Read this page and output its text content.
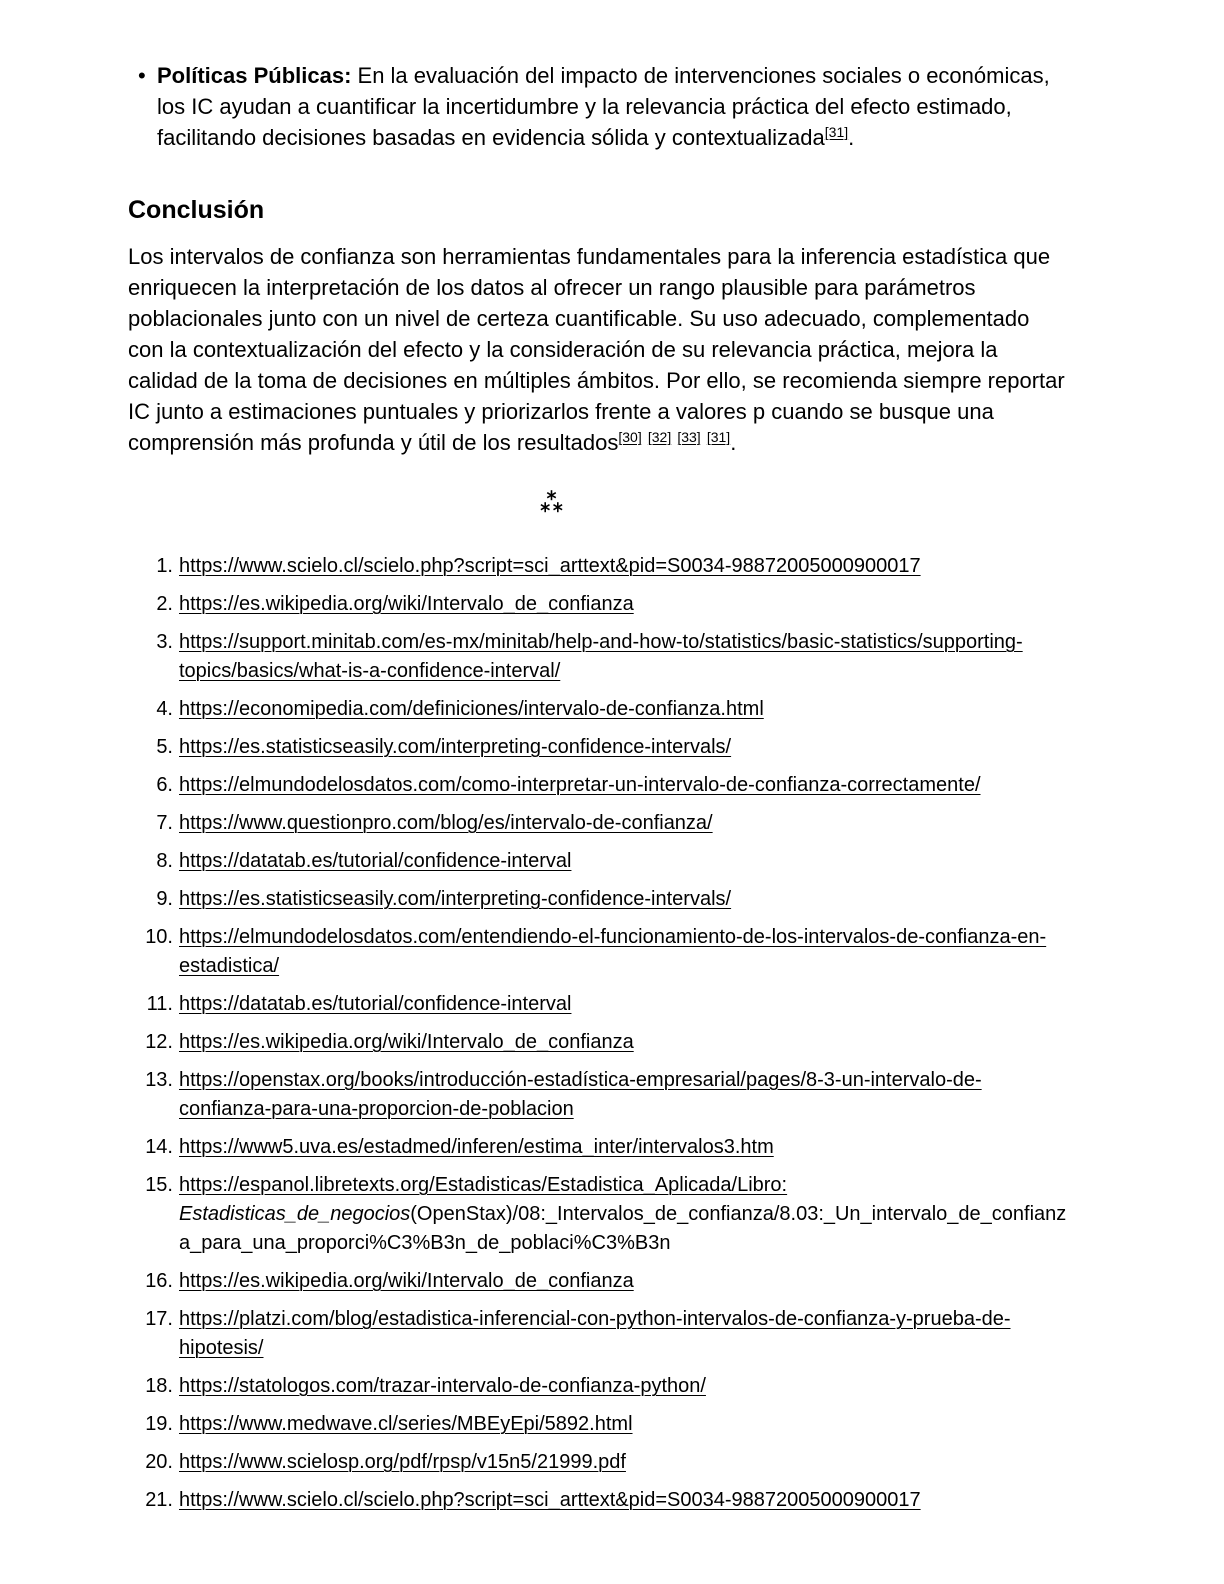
• Políticas Públicas: En la evaluación del impacto de intervenciones sociales o económicas, los IC ayudan a cuantificar la incertidumbre y la relevancia práctica del efecto estimado, facilitando decisiones basadas en evidencia sólida y contextualizada[31].
Conclusión

Los intervalos de confianza son herramientas fundamentales para la inferencia estadística que enriquecen la interpretación de los datos al ofrecer un rango plausible para parámetros poblacionales junto con un nivel de certeza cuantificable. Su uso adecuado, complementado con la contextualización del efecto y la consideración de su relevancia práctica, mejora la calidad de la toma de decisiones en múltiples ámbitos. Por ello, se recomienda siempre reportar IC junto a estimaciones puntuales y priorizarlos frente a valores p cuando se busque una comprensión más profunda y útil de los resultados[30] [32] [33] [31].

1. https://www.scielo.cl/scielo.php?script=sci_arttext&pid=S0034-98872005000900017
2. https://es.wikipedia.org/wiki/Intervalo_de_confianza
3. https://support.minitab.com/es-mx/minitab/help-and-how-to/statistics/basic-statistics/supporting-topics/basics/what-is-a-confidence-interval/
4. https://economipedia.com/definiciones/intervalo-de-confianza.html
5. https://es.statisticseasily.com/interpreting-confidence-intervals/
6. https://elmundodelosdatos.com/como-interpretar-un-intervalo-de-confianza-correctamente/
7. https://www.questionpro.com/blog/es/intervalo-de-confianza/
8. https://datatab.es/tutorial/confidence-interval
9. https://es.statisticseasily.com/interpreting-confidence-intervals/
10. https://elmundodelosdatos.com/entendiendo-el-funcionamiento-de-los-intervalos-de-confianza-en-estadistica/
11. https://datatab.es/tutorial/confidence-interval
12. https://es.wikipedia.org/wiki/Intervalo_de_confianza
13. https://openstax.org/books/introducción-estadística-empresarial/pages/8-3-un-intervalo-de-confianza-para-una-proporcion-de-poblacion
14. https://www5.uva.es/estadmed/inferen/estima_inter/intervalos3.htm
15. https://espanol.libretexts.org/Estadisticas/Estadistica_Aplicada/Libro: Estadisticas_de_negocios(OpenStax)/08:_Intervalos_de_confianza/8.03:_Un_intervalo_de_confianza_para_una_proporci%C3%B3n_de_poblaci%C3%B3n
16. https://es.wikipedia.org/wiki/Intervalo_de_confianza
17. https://platzi.com/blog/estadistica-inferencial-con-python-intervalos-de-confianza-y-prueba-de-hipotesis/
18. https://statologos.com/trazar-intervalo-de-confianza-python/
19. https://www.medwave.cl/series/MBEyEpi/5892.html
20. https://www.scielosp.org/pdf/rpsp/v15n5/21999.pdf
21. https://www.scielo.cl/scielo.php?script=sci_arttext&pid=S0034-98872005000900017
